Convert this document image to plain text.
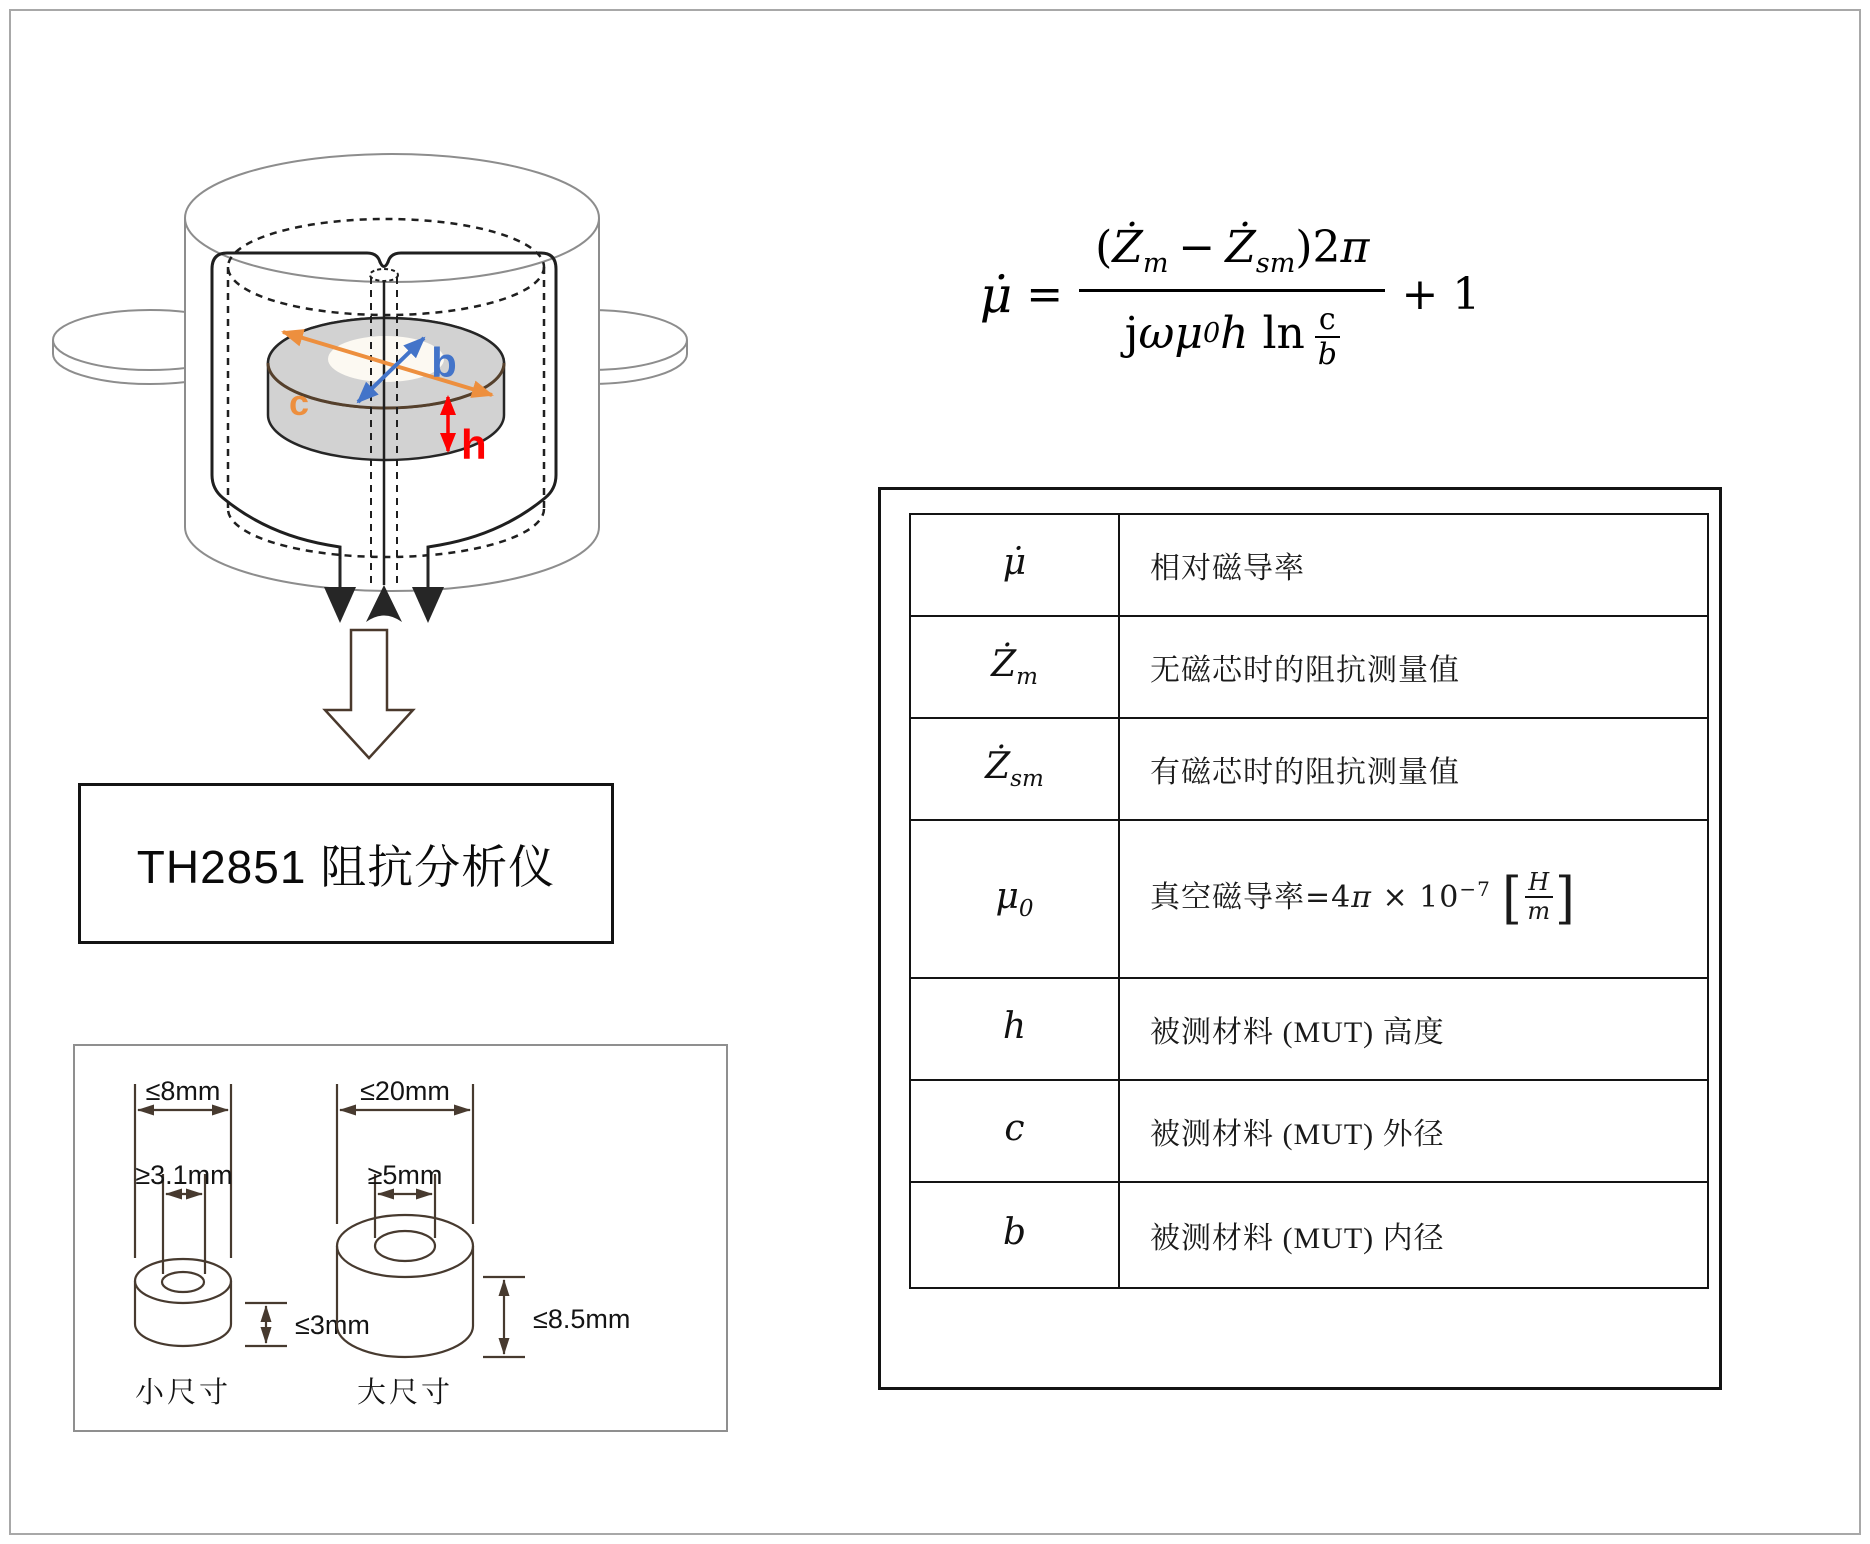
c
b
h
TH2851 阻抗分析仪
≤8mm
≥3.1mm
≤3mm
小尺寸
≤20mm
≥5mm
≤8.5mm
大尺寸
μ̇ = ($Ż_m$ − $Ż_{sm})2\pi$
j ω μ 0 h ln c
b + 1
μ̇	相对磁导率
$Ż_m$	无磁芯时的阻抗测量值
$Ż_{sm}$	有磁芯时的阻抗测量值
$\mu_0$	真空磁导率$=4\pi \times 10^{-7}$ [ $\frac{H}{m}$ ]
h	被测材料 (MUT) 高度
c	被测材料 (MUT) 外径
b	被测材料 (MUT) 内径
